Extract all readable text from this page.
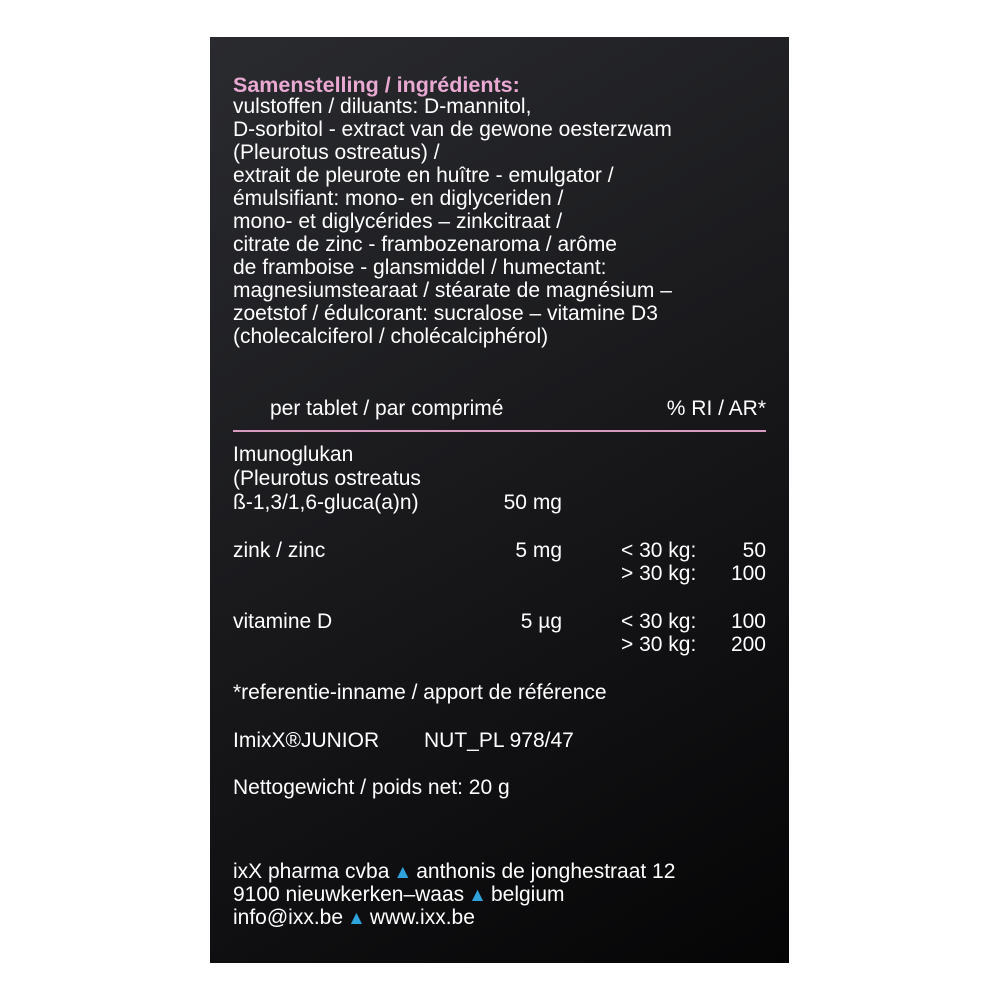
Samenstelling / ingrédients:
vulstoffen / diluants: D-mannitol,
D-sorbitol - extract van de gewone oesterzwam
(Pleurotus ostreatus) /
extrait de pleurote en huître - emulgator /
émulsifiant: mono- en diglyceriden /
mono- et diglycérides – zinkcitraat /
citrate de zinc - frambozenaroma / arôme
de framboise - glansmiddel / humectant:
magnesiumstearaat / stéarate de magnésium –
zoetstof / édulcorant: sucralose – vitamine D3
(cholecalciferol / cholécalciphérol)
per tablet / par comprimé	% RI / AR*
Imunoglukan
(Pleurotus ostreatus
ß-1,3/1,6-gluca(a)n)	50 mg
zink / zinc	5 mg	< 30 kg: 50
> 30 kg: 100
vitamine D	5 µg	< 30 kg: 100
> 30 kg: 200
*referentie-inname / apport de référence
ImixX®JUNIOR NUT_PL 978/47
Nettogewicht / poids net: 20 g
ixX pharma cvba ▲ anthonis de jonghestraat 12
9100 nieuwkerken–waas ▲ belgium
info@ixx.be ▲ www.ixx.be
